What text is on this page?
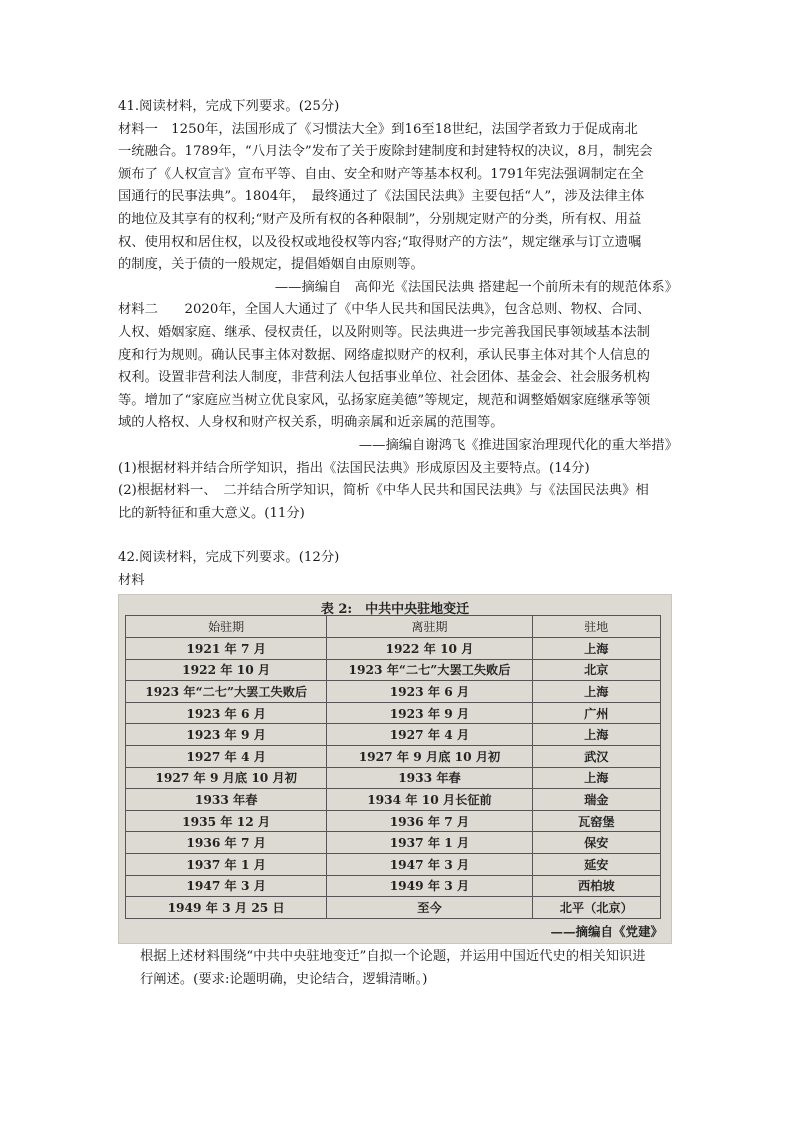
41.阅读材料，完成下列要求。(25分)
材料一　1250年，法国形成了《习惯法大全》到16至18世纪，法国学者致力于促成南北
一统融合。1789年，“八月法令”发布了关于废除封建制度和封建特权的决议，8月，制宪会
颁布了《人权宣言》宣布平等、自由、安全和财产等基本权利。1791年宪法强调制定在全
国通行的民事法典”。1804年，　最终通过了《法国民法典》主要包括“人”，涉及法律主体
的地位及其享有的权利;“财产及所有权的各种限制”，分别规定财产的分类，所有权、用益
权、使用权和居住权，以及役权或地役权等内容;“取得财产的方法”，规定继承与订立遗嘱
的制度，关于债的一般规定，提倡婚姻自由原则等。
——摘编自　高仰光《法国民法典 搭建起一个前所未有的规范体系》
材料二　　2020年，全国人大通过了《中华人民共和国民法典》，包含总则、物权、合同、
人权、婚姻家庭、继承、侵权责任，以及附则等。民法典进一步完善我国民事领域基本法制
度和行为规则。确认民事主体对数据、网络虚拟财产的权利，承认民事主体对其个人信息的
权利。设置非营利法人制度，非营利法人包括事业单位、社会团体、基金会、社会服务机构
等。增加了“家庭应当树立优良家风，弘扬家庭美德”等规定，规范和调整婚姻家庭继承等领
域的人格权、人身权和财产权关系，明确亲属和近亲属的范围等。
——摘编自谢鸿飞《推进国家治理现代化的重大举措》
(1)根据材料并结合所学知识，指出《法国民法典》形成原因及主要特点。(14分)
(2)根据材料一、　二并结合所学知识，简析《中华人民共和国民法典》与《法国民法典》相
比的新特征和重大意义。(11分)
42.阅读材料，完成下列要求。(12分)
材料
表 2:　中共中央驻地变迁
始驻期	离驻期	驻地
1921 年 7 月	1922 年 10 月	上海
1922 年 10 月	1923 年“二七”大罢工失败后	北京
1923 年“二七”大罢工失败后	1923 年 6 月	上海
1923 年 6 月	1923 年 9 月	广州
1923 年 9 月	1927 年 4 月	上海
1927 年 4 月	1927 年 9 月底 10 月初	武汉
1927 年 9 月底 10 月初	1933 年春	上海
1933 年春	1934 年 10 月长征前	瑞金
1935 年 12 月	1936 年 7 月	瓦窑堡
1936 年 7 月	1937 年 1 月	保安
1937 年 1 月	1947 年 3 月	延安
1947 年 3 月	1949 年 3 月	西柏坡
1949 年 3 月 25 日	至今	北平（北京）
——摘编自《党建》
根据上述材料围绕“中共中央驻地变迁”自拟一个论题，并运用中国近代史的相关知识进
行阐述。(要求:论题明确，史论结合，逻辑清晰。)
